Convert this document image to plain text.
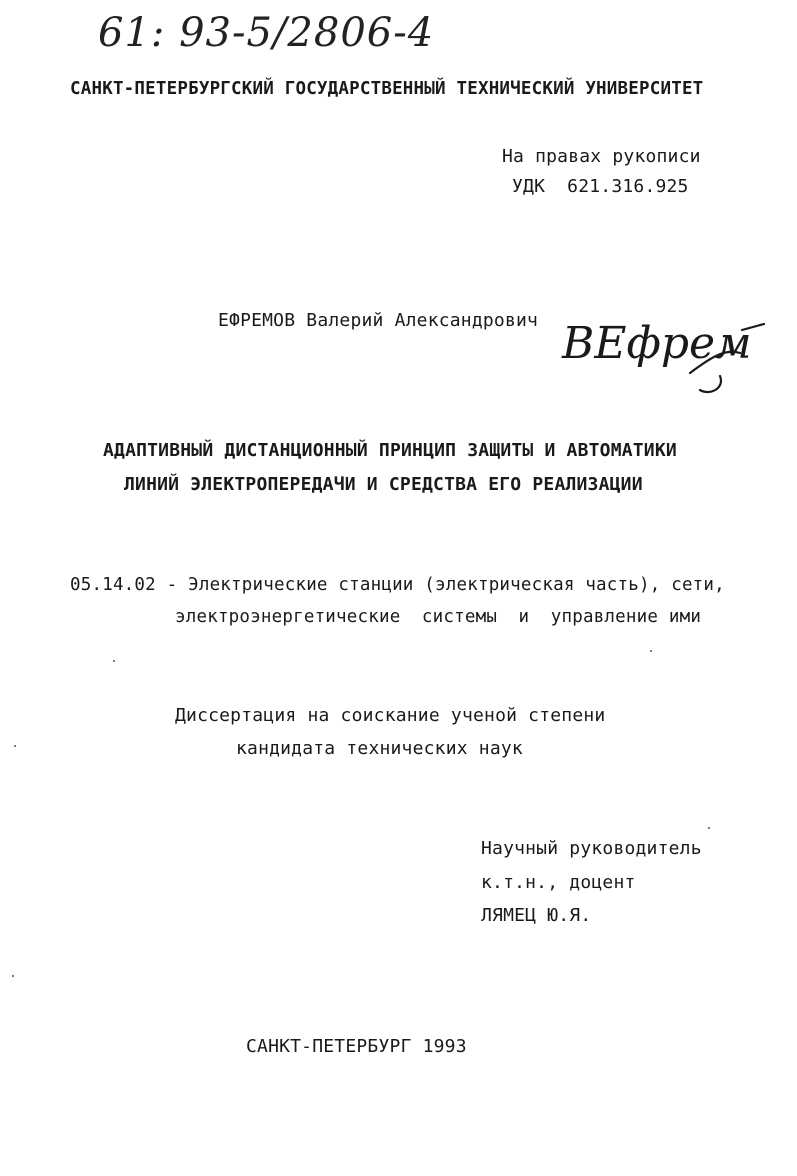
61: 93-5/2806-4
САНКТ-ПЕТЕРБУРГСКИЙ ГОСУДАРСТВЕННЫЙ ТЕХНИЧЕСКИЙ УНИВЕРСИТЕТ
На правах рукописи
УДК  621.316.925
ЕФРЕМОВ Валерий Александрович ВЕфрем
АДАПТИВНЫЙ ДИСТАНЦИОННЫЙ ПРИНЦИП ЗАЩИТЫ И АВТОМАТИКИ
ЛИНИЙ ЭЛЕКТРОПЕРЕДАЧИ И СРЕДСТВА ЕГО РЕАЛИЗАЦИИ
05.14.02 - Электрические станции (электрическая часть), сети,
электроэнергетические  системы  и  управление ими
Диссертация на соискание ученой степени
кандидата технических наук
Научный руководитель
к.т.н., доцент
ЛЯМЕЦ Ю.Я.
САНКТ-ПЕТЕРБУРГ 1993
